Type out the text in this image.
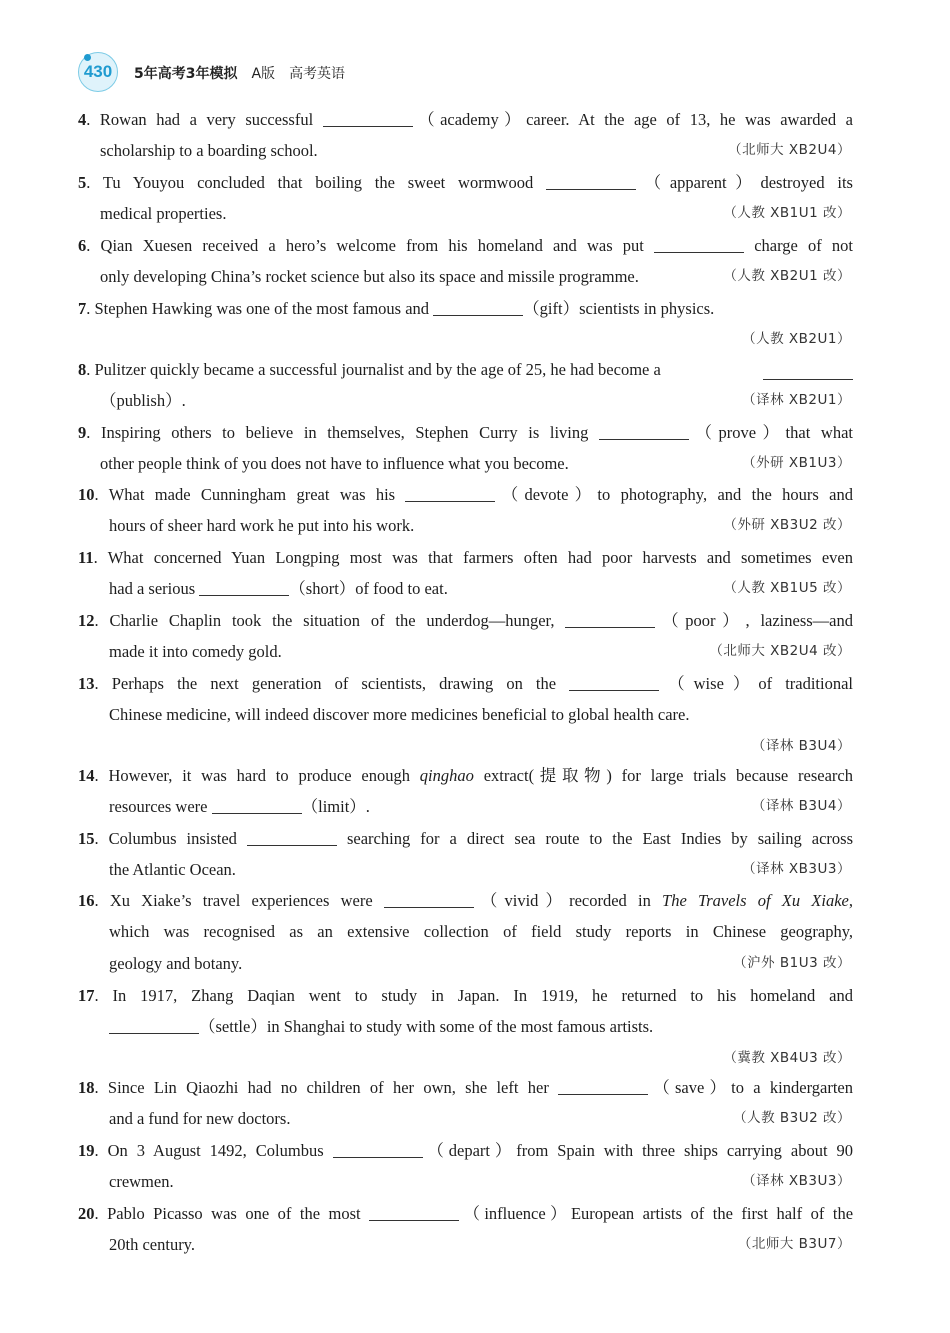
430 5年高考3年模拟 A版 高考英语
4. Rowan had a very successful	（academy）career. At the age of 13, he was awarded a
scholarship to a boarding school.	（北师大 XB2U4）
5. Tu Youyou concluded that boiling the sweet wormwood	（apparent）destroyed its
medical properties.	（人教 XB1U1 改）
6. Qian Xuesen received a hero’s welcome from his homeland and was put	charge of not
only developing China’s rocket science but also its space and missile programme.	（人教 XB2U1 改）
7. Stephen Hawking was one of the most famous and	（gift）scientists in physics.
（人教 XB2U1）
8. Pulitzer quickly became a successful journalist and by the age of 25, he had become a
（publish）.	（译林 XB2U1）
9. Inspiring others to believe in themselves, Stephen Curry is living	（prove）that what
other people think of you does not have to influence what you become.	（外研 XB1U3）
10. What made Cunningham great was his	（devote）to photography, and the hours and
hours of sheer hard work he put into his work.	（外研 XB3U2 改）
11. What concerned Yuan Longping most was that farmers often had poor harvests and sometimes even
had a serious	（short）of food to eat.	（人教 XB1U5 改）
12. Charlie Chaplin took the situation of the underdog—hunger,	（poor）, laziness—and
made it into comedy gold.	（北师大 XB2U4 改）
13. Perhaps the next generation of scientists, drawing on the	（wise）of traditional
Chinese medicine, will indeed discover more medicines beneficial to global health care.
（译林 B3U4）
14. However, it was hard to produce enough qinghao extract(提取物) for large trials because research
resources were	（limit）.	（译林 B3U4）
15. Columbus insisted	searching for a direct sea route to the East Indies by sailing across
the Atlantic Ocean.	（译林 XB3U3）
16. Xu Xiake’s travel experiences were	（vivid）recorded in The Travels of Xu Xiake,
which was recognised as an extensive collection of field study reports in Chinese geography,
geology and botany.	（沪外 B1U3 改）
17. In 1917, Zhang Daqian went to study in Japan. In 1919, he returned to his homeland and
（settle）in Shanghai to study with some of the most famous artists.
（冀教 XB4U3 改）
18. Since Lin Qiaozhi had no children of her own, she left her	（save）to a kindergarten
and a fund for new doctors.	（人教 B3U2 改）
19. On 3 August 1492, Columbus	（depart）from Spain with three ships carrying about 90
crewmen.	（译林 XB3U3）
20. Pablo Picasso was one of the most	（influence）European artists of the first half of the
20th century.	（北师大 B3U7）
